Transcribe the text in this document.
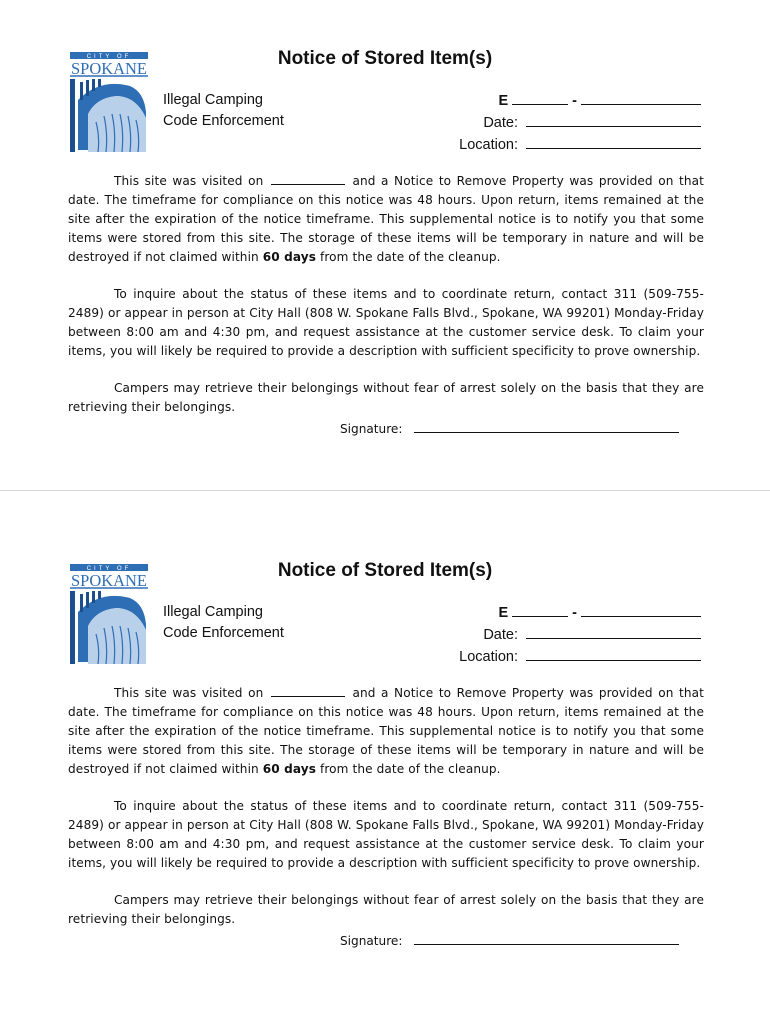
CITY OF
SPOKANE	Notice of Stored Item(s)
Illegal Camping
Code Enforcement
E	-
Date:
Location:

This site was visited on	and a Notice to Remove Property was provided on that date. The timeframe for compliance on this notice was 48 hours. Upon return, items remained at the site after the expiration of the notice timeframe. This supplemental notice is to notify you that some items were stored from this site. The storage of these items will be temporary in nature and will be destroyed if not claimed within 60 days from the date of the cleanup.

To inquire about the status of these items and to coordinate return, contact 311 (509-755-2489) or appear in person at City Hall (808 W. Spokane Falls Blvd., Spokane, WA 99201) Monday-Friday between 8:00 am and 4:30 pm, and request assistance at the customer service desk. To claim your items, you will likely be required to provide a description with sufficient specificity to prove ownership.

Campers may retrieve their belongings without fear of arrest solely on the basis that they are retrieving their belongings.

Signature:
CITY OF
SPOKANE	Notice of Stored Item(s)
Illegal Camping
Code Enforcement
E	-
Date:
Location:

This site was visited on	and a Notice to Remove Property was provided on that date. The timeframe for compliance on this notice was 48 hours. Upon return, items remained at the site after the expiration of the notice timeframe. This supplemental notice is to notify you that some items were stored from this site. The storage of these items will be temporary in nature and will be destroyed if not claimed within 60 days from the date of the cleanup.

To inquire about the status of these items and to coordinate return, contact 311 (509-755-2489) or appear in person at City Hall (808 W. Spokane Falls Blvd., Spokane, WA 99201) Monday-Friday between 8:00 am and 4:30 pm, and request assistance at the customer service desk. To claim your items, you will likely be required to provide a description with sufficient specificity to prove ownership.

Campers may retrieve their belongings without fear of arrest solely on the basis that they are retrieving their belongings.

Signature:
